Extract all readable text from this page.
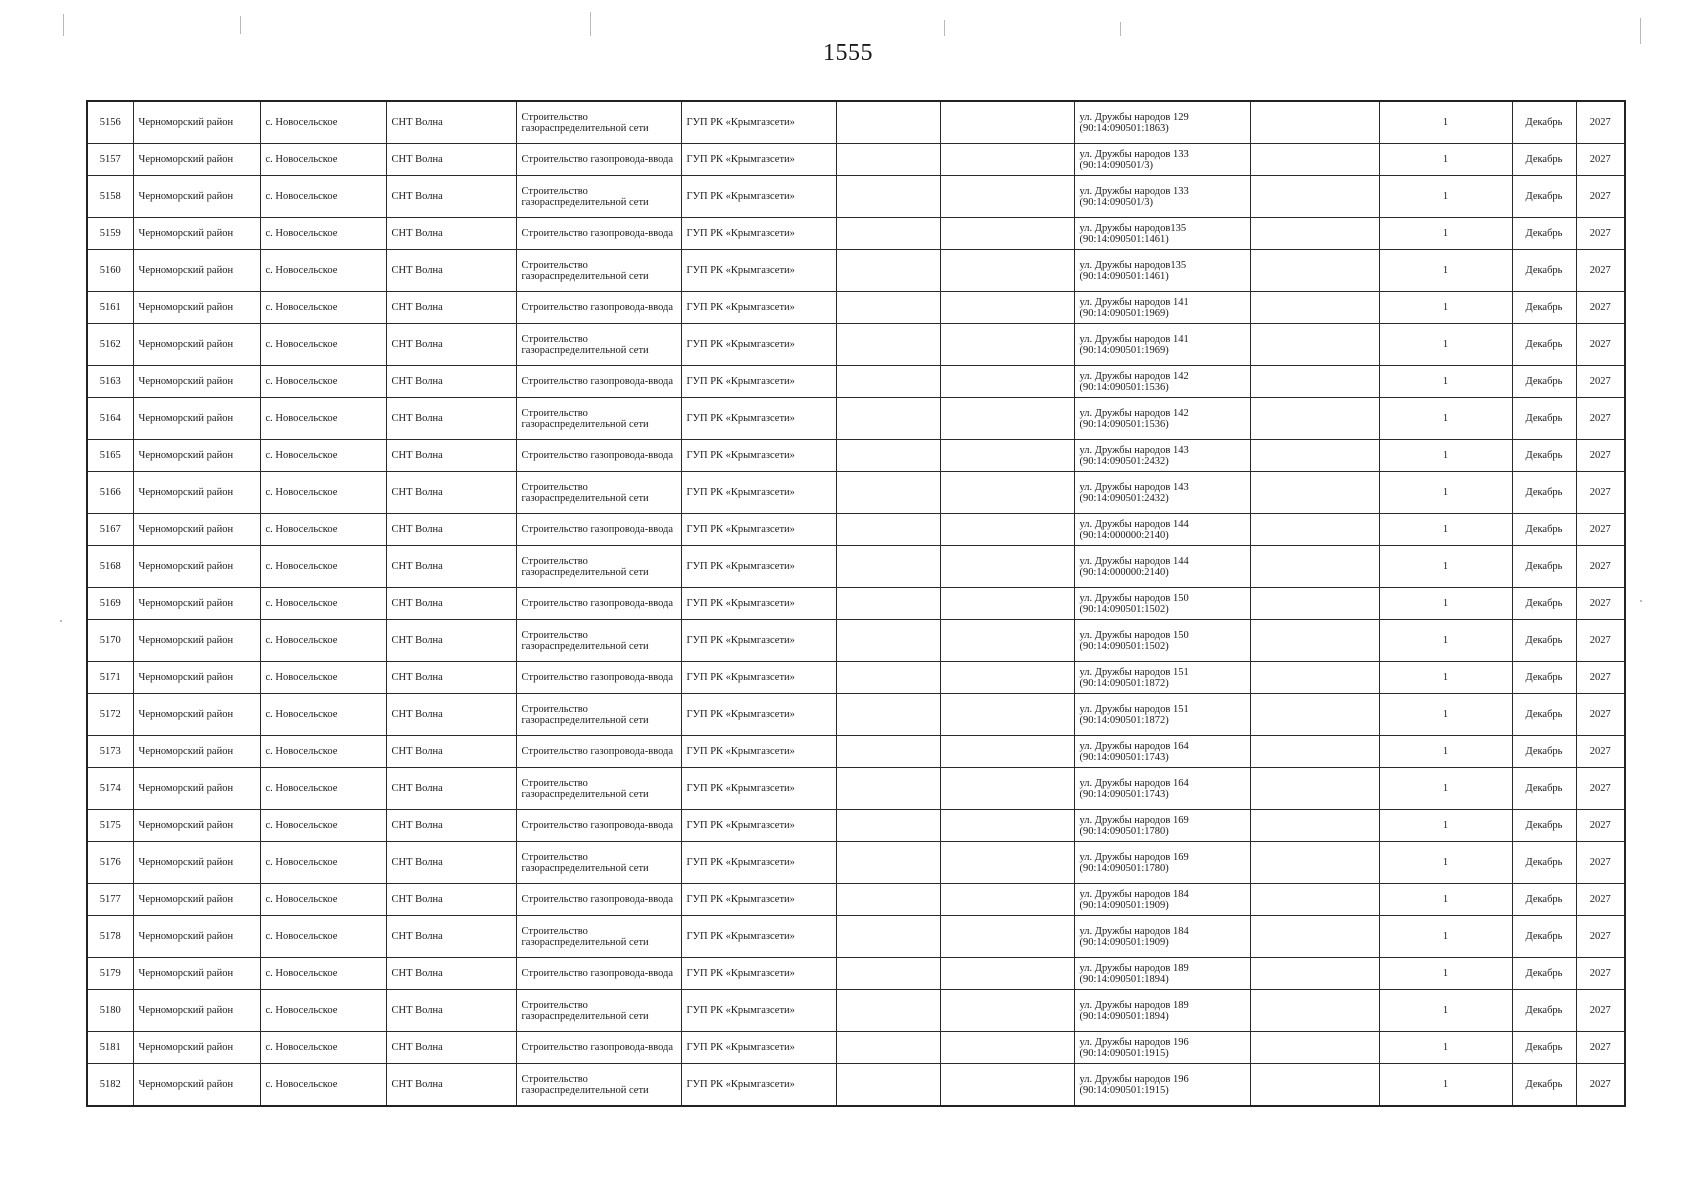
1555
5156	Черноморский район	с. Новосельское	СНТ Волна	Строительство газораспределительной сети	ГУП РК «Крымгазсети»			ул. Дружбы народов 129 (90:14:090501:1863)		1	Декабрь	2027
5157	Черноморский район	с. Новосельское	СНТ Волна	Строительство газопровода-ввода	ГУП РК «Крымгазсети»			ул. Дружбы народов 133 (90:14:090501/3)		1	Декабрь	2027
5158	Черноморский район	с. Новосельское	СНТ Волна	Строительство газораспределительной сети	ГУП РК «Крымгазсети»			ул. Дружбы народов 133 (90:14:090501/3)		1	Декабрь	2027
5159	Черноморский район	с. Новосельское	СНТ Волна	Строительство газопровода-ввода	ГУП РК «Крымгазсети»			ул. Дружбы народов135 (90:14:090501:1461)		1	Декабрь	2027
5160	Черноморский район	с. Новосельское	СНТ Волна	Строительство газораспределительной сети	ГУП РК «Крымгазсети»			ул. Дружбы народов135 (90:14:090501:1461)		1	Декабрь	2027
5161	Черноморский район	с. Новосельское	СНТ Волна	Строительство газопровода-ввода	ГУП РК «Крымгазсети»			ул. Дружбы народов 141 (90:14:090501:1969)		1	Декабрь	2027
5162	Черноморский район	с. Новосельское	СНТ Волна	Строительство газораспределительной сети	ГУП РК «Крымгазсети»			ул. Дружбы народов 141 (90:14:090501:1969)		1	Декабрь	2027
5163	Черноморский район	с. Новосельское	СНТ Волна	Строительство газопровода-ввода	ГУП РК «Крымгазсети»			ул. Дружбы народов 142 (90:14:090501:1536)		1	Декабрь	2027
5164	Черноморский район	с. Новосельское	СНТ Волна	Строительство газораспределительной сети	ГУП РК «Крымгазсети»			ул. Дружбы народов 142 (90:14:090501:1536)		1	Декабрь	2027
5165	Черноморский район	с. Новосельское	СНТ Волна	Строительство газопровода-ввода	ГУП РК «Крымгазсети»			ул. Дружбы народов 143 (90:14:090501:2432)		1	Декабрь	2027
5166	Черноморский район	с. Новосельское	СНТ Волна	Строительство газораспределительной сети	ГУП РК «Крымгазсети»			ул. Дружбы народов 143 (90:14:090501:2432)		1	Декабрь	2027
5167	Черноморский район	с. Новосельское	СНТ Волна	Строительство газопровода-ввода	ГУП РК «Крымгазсети»			ул. Дружбы народов 144 (90:14:000000:2140)		1	Декабрь	2027
5168	Черноморский район	с. Новосельское	СНТ Волна	Строительство газораспределительной сети	ГУП РК «Крымгазсети»			ул. Дружбы народов 144 (90:14:000000:2140)		1	Декабрь	2027
5169	Черноморский район	с. Новосельское	СНТ Волна	Строительство газопровода-ввода	ГУП РК «Крымгазсети»			ул. Дружбы народов 150 (90:14:090501:1502)		1	Декабрь	2027
5170	Черноморский район	с. Новосельское	СНТ Волна	Строительство газораспределительной сети	ГУП РК «Крымгазсети»			ул. Дружбы народов 150 (90:14:090501:1502)		1	Декабрь	2027
5171	Черноморский район	с. Новосельское	СНТ Волна	Строительство газопровода-ввода	ГУП РК «Крымгазсети»			ул. Дружбы народов 151 (90:14:090501:1872)		1	Декабрь	2027
5172	Черноморский район	с. Новосельское	СНТ Волна	Строительство газораспределительной сети	ГУП РК «Крымгазсети»			ул. Дружбы народов 151 (90:14:090501:1872)		1	Декабрь	2027
5173	Черноморский район	с. Новосельское	СНТ Волна	Строительство газопровода-ввода	ГУП РК «Крымгазсети»			ул. Дружбы народов 164 (90:14:090501:1743)		1	Декабрь	2027
5174	Черноморский район	с. Новосельское	СНТ Волна	Строительство газораспределительной сети	ГУП РК «Крымгазсети»			ул. Дружбы народов 164 (90:14:090501:1743)		1	Декабрь	2027
5175	Черноморский район	с. Новосельское	СНТ Волна	Строительство газопровода-ввода	ГУП РК «Крымгазсети»			ул. Дружбы народов 169 (90:14:090501:1780)		1	Декабрь	2027
5176	Черноморский район	с. Новосельское	СНТ Волна	Строительство газораспределительной сети	ГУП РК «Крымгазсети»			ул. Дружбы народов 169 (90:14:090501:1780)		1	Декабрь	2027
5177	Черноморский район	с. Новосельское	СНТ Волна	Строительство газопровода-ввода	ГУП РК «Крымгазсети»			ул. Дружбы народов 184 (90:14:090501:1909)		1	Декабрь	2027
5178	Черноморский район	с. Новосельское	СНТ Волна	Строительство газораспределительной сети	ГУП РК «Крымгазсети»			ул. Дружбы народов 184 (90:14:090501:1909)		1	Декабрь	2027
5179	Черноморский район	с. Новосельское	СНТ Волна	Строительство газопровода-ввода	ГУП РК «Крымгазсети»			ул. Дружбы народов 189 (90:14:090501:1894)		1	Декабрь	2027
5180	Черноморский район	с. Новосельское	СНТ Волна	Строительство газораспределительной сети	ГУП РК «Крымгазсети»			ул. Дружбы народов 189 (90:14:090501:1894)		1	Декабрь	2027
5181	Черноморский район	с. Новосельское	СНТ Волна	Строительство газопровода-ввода	ГУП РК «Крымгазсети»			ул. Дружбы народов 196 (90:14:090501:1915)		1	Декабрь	2027
5182	Черноморский район	с. Новосельское	СНТ Волна	Строительство газораспределительной сети	ГУП РК «Крымгазсети»			ул. Дружбы народов 196 (90:14:090501:1915)		1	Декабрь	2027
